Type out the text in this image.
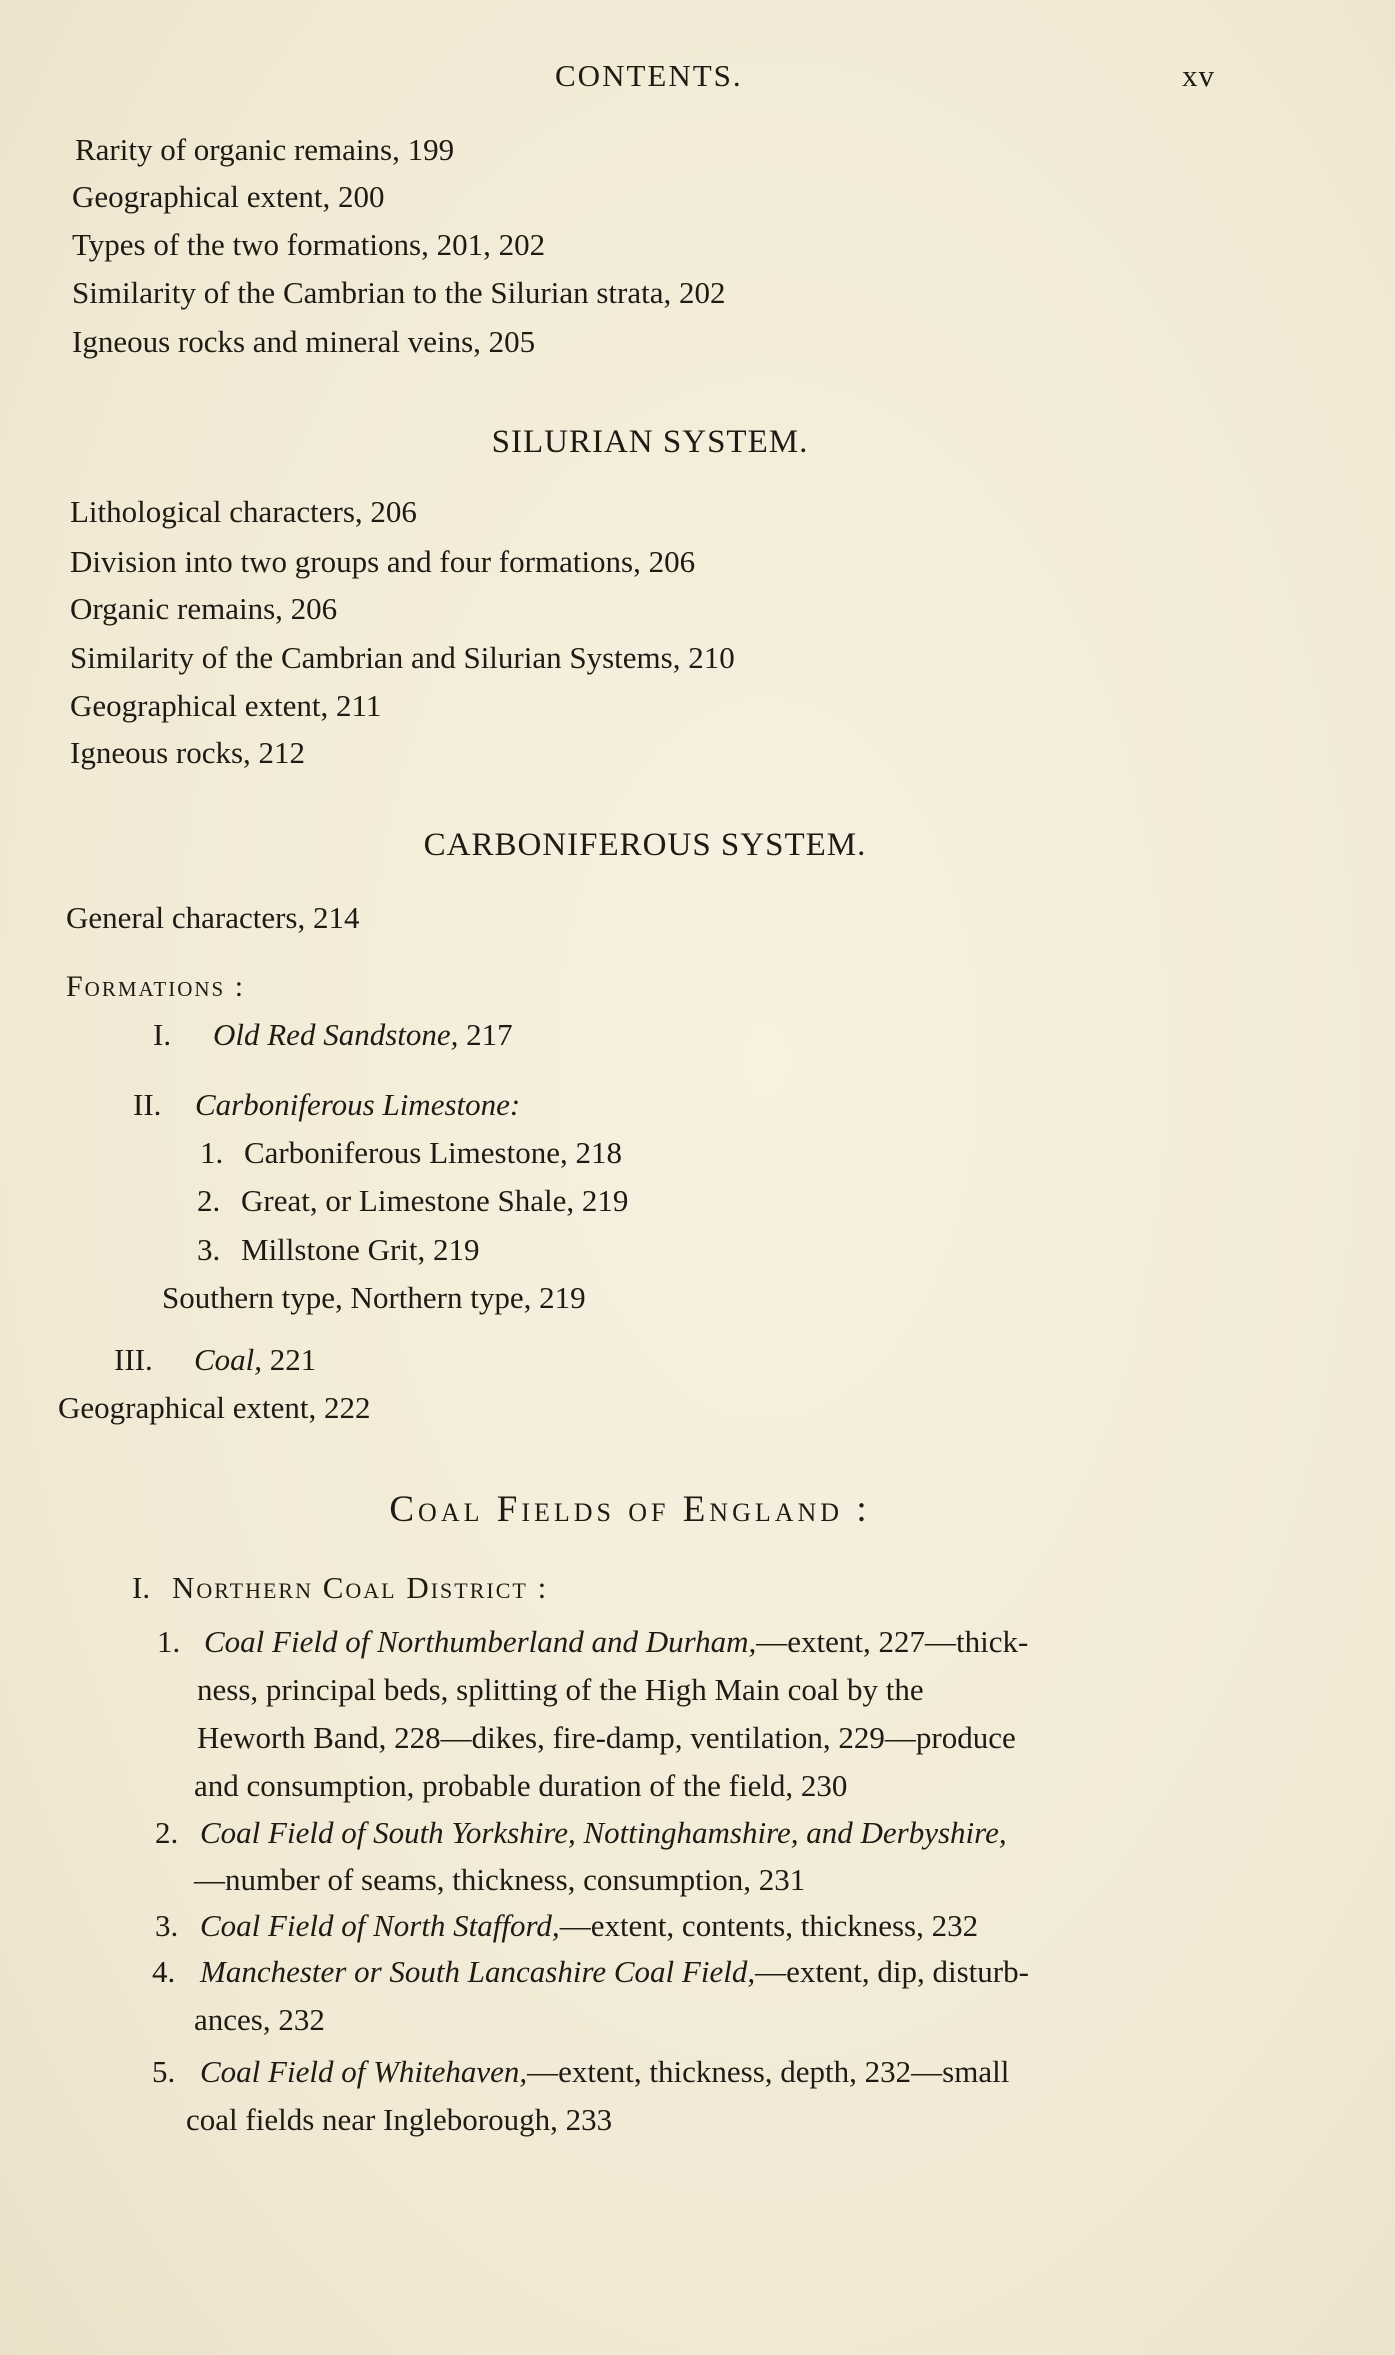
CONTENTS.	xv
Rarity of organic remains, 199
Geographical extent, 200
Types of the two formations, 201, 202
Similarity of the Cambrian to the Silurian strata, 202
Igneous rocks and mineral veins, 205
SILURIAN SYSTEM.
Lithological characters, 206
Division into two groups and four formations, 206
Organic remains, 206
Similarity of the Cambrian and Silurian Systems, 210
Geographical extent, 211
Igneous rocks, 212
CARBONIFEROUS SYSTEM.
General characters, 214
Formations :
I. Old Red Sandstone, 217
II. Carboniferous Limestone:
1. Carboniferous Limestone, 218
2. Great, or Limestone Shale, 219
3. Millstone Grit, 219
Southern type, Northern type, 219
III. Coal, 221
Geographical extent, 222
Coal Fields of England :
I. Northern Coal District :
1. Coal Field of Northumberland and Durham,—extent, 227—thick-
ness, principal beds, splitting of the High Main coal by the
Heworth Band, 228—dikes, fire-damp, ventilation, 229—produce
and consumption, probable duration of the field, 230
2. Coal Field of South Yorkshire, Nottinghamshire, and Derbyshire,
—number of seams, thickness, consumption, 231
3. Coal Field of North Stafford,—extent, contents, thickness, 232
4. Manchester or South Lancashire Coal Field,—extent, dip, disturb-
ances, 232
5. Coal Field of Whitehaven,—extent, thickness, depth, 232—small
coal fields near Ingleborough, 233
